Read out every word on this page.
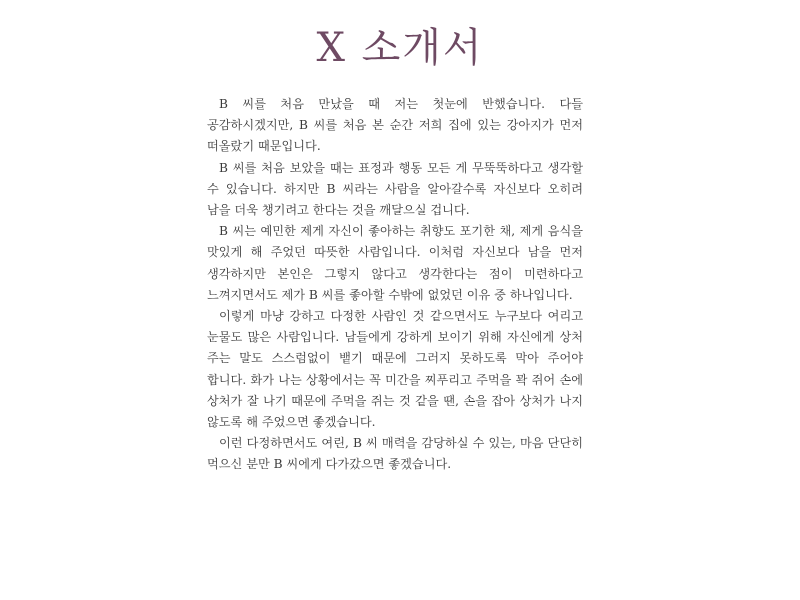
X 소개서

B 씨를 처음 만났을 때 저는 첫눈에 반했습니다. 다들 공감하시겠지만, B 씨를 처음 본 순간 저희 집에 있는 강아지가 먼저 떠올랐기 때문입니다.

B 씨를 처음 보았을 때는 표정과 행동 모든 게 무뚝뚝하다고 생각할 수 있습니다. 하지만 B 씨라는 사람을 알아갈수록 자신보다 오히려 남을 더욱 챙기려고 한다는 것을 깨달으실 겁니다.

B 씨는 예민한 제게 자신이 좋아하는 취향도 포기한 채, 제게 음식을 맛있게 해 주었던 따뜻한 사람입니다. 이처럼 자신보다 남을 먼저 생각하지만 본인은 그렇지 않다고 생각한다는 점이 미련하다고 느껴지면서도 제가 B 씨를 좋아할 수밖에 없었던 이유 중 하나입니다.

이렇게 마냥 강하고 다정한 사람인 것 같으면서도 누구보다 여리고 눈물도 많은 사람입니다. 남들에게 강하게 보이기 위해 자신에게 상처 주는 말도 스스럼없이 뱉기 때문에 그러지 못하도록 막아 주어야 합니다. 화가 나는 상황에서는 꼭 미간을 찌푸리고 주먹을 꽉 쥐어 손에 상처가 잘 나기 때문에 주먹을 쥐는 것 같을 땐, 손을 잡아 상처가 나지 않도록 해 주었으면 좋겠습니다.

이런 다정하면서도 여린, B 씨 매력을 감당하실 수 있는, 마음 단단히 먹으신 분만 B 씨에게 다가갔으면 좋겠습니다.
